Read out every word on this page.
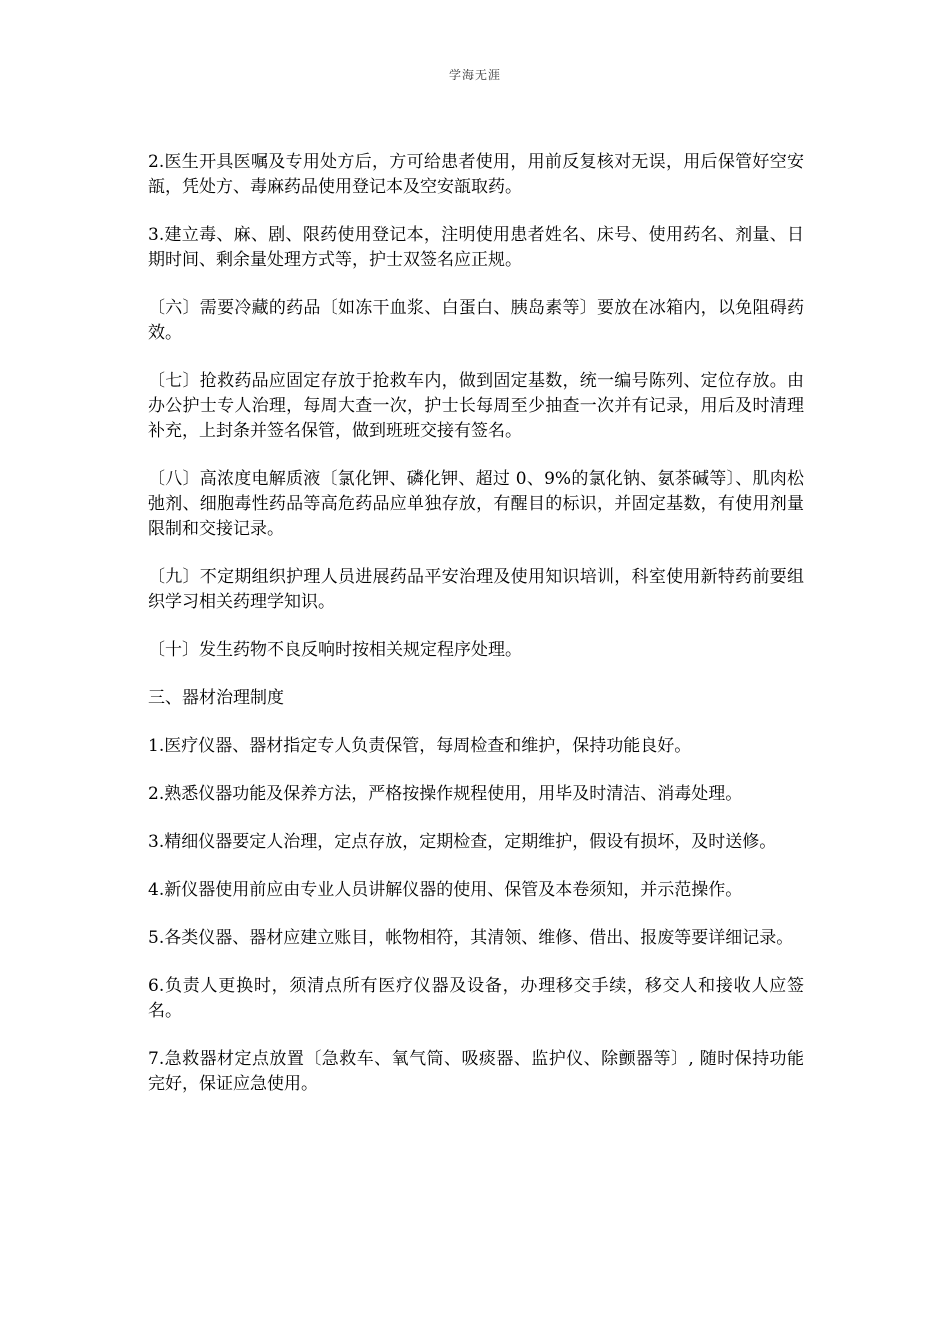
学海无涯

2.医生开具医嘱及专用处方后，方可给患者使用，用前反复核对无误，用后保管好空安瓿，凭处方、毒麻药品使用登记本及空安瓿取药。

3.建立毒、麻、剧、限药使用登记本，注明使用患者姓名、床号、使用药名、剂量、日期时间、剩余量处理方式等，护士双签名应正规。

〔六〕需要冷藏的药品〔如冻干血浆、白蛋白、胰岛素等〕要放在冰箱内，以免阻碍药效。

〔七〕抢救药品应固定存放于抢救车内，做到固定基数，统一编号陈列、定位存放。由办公护士专人治理，每周大查一次，护士长每周至少抽查一次并有记录，用后及时清理补充，上封条并签名保管，做到班班交接有签名。

〔八〕高浓度电解质液〔氯化钾、磷化钾、超过 0、9%的氯化钠、氨茶碱等〕、肌肉松弛剂、细胞毒性药品等高危药品应单独存放，有醒目的标识，并固定基数，有使用剂量限制和交接记录。

〔九〕不定期组织护理人员进展药品平安治理及使用知识培训，科室使用新特药前要组织学习相关药理学知识。

〔十〕发生药物不良反响时按相关规定程序处理。

三、器材治理制度

1.医疗仪器、器材指定专人负责保管，每周检查和维护，保持功能良好。

2.熟悉仪器功能及保养方法，严格按操作规程使用，用毕及时清洁、消毒处理。

3.精细仪器要定人治理，定点存放，定期检查，定期维护，假设有损坏，及时送修。

4.新仪器使用前应由专业人员讲解仪器的使用、保管及本卷须知，并示范操作。

5.各类仪器、器材应建立账目，帐物相符，其清领、维修、借出、报废等要详细记录。

6.负责人更换时，须清点所有医疗仪器及设备，办理移交手续，移交人和接收人应签名。

7.急救器材定点放置〔急救车、氧气筒、吸痰器、监护仪、除颤器等〕, 随时保持功能完好，保证应急使用。
